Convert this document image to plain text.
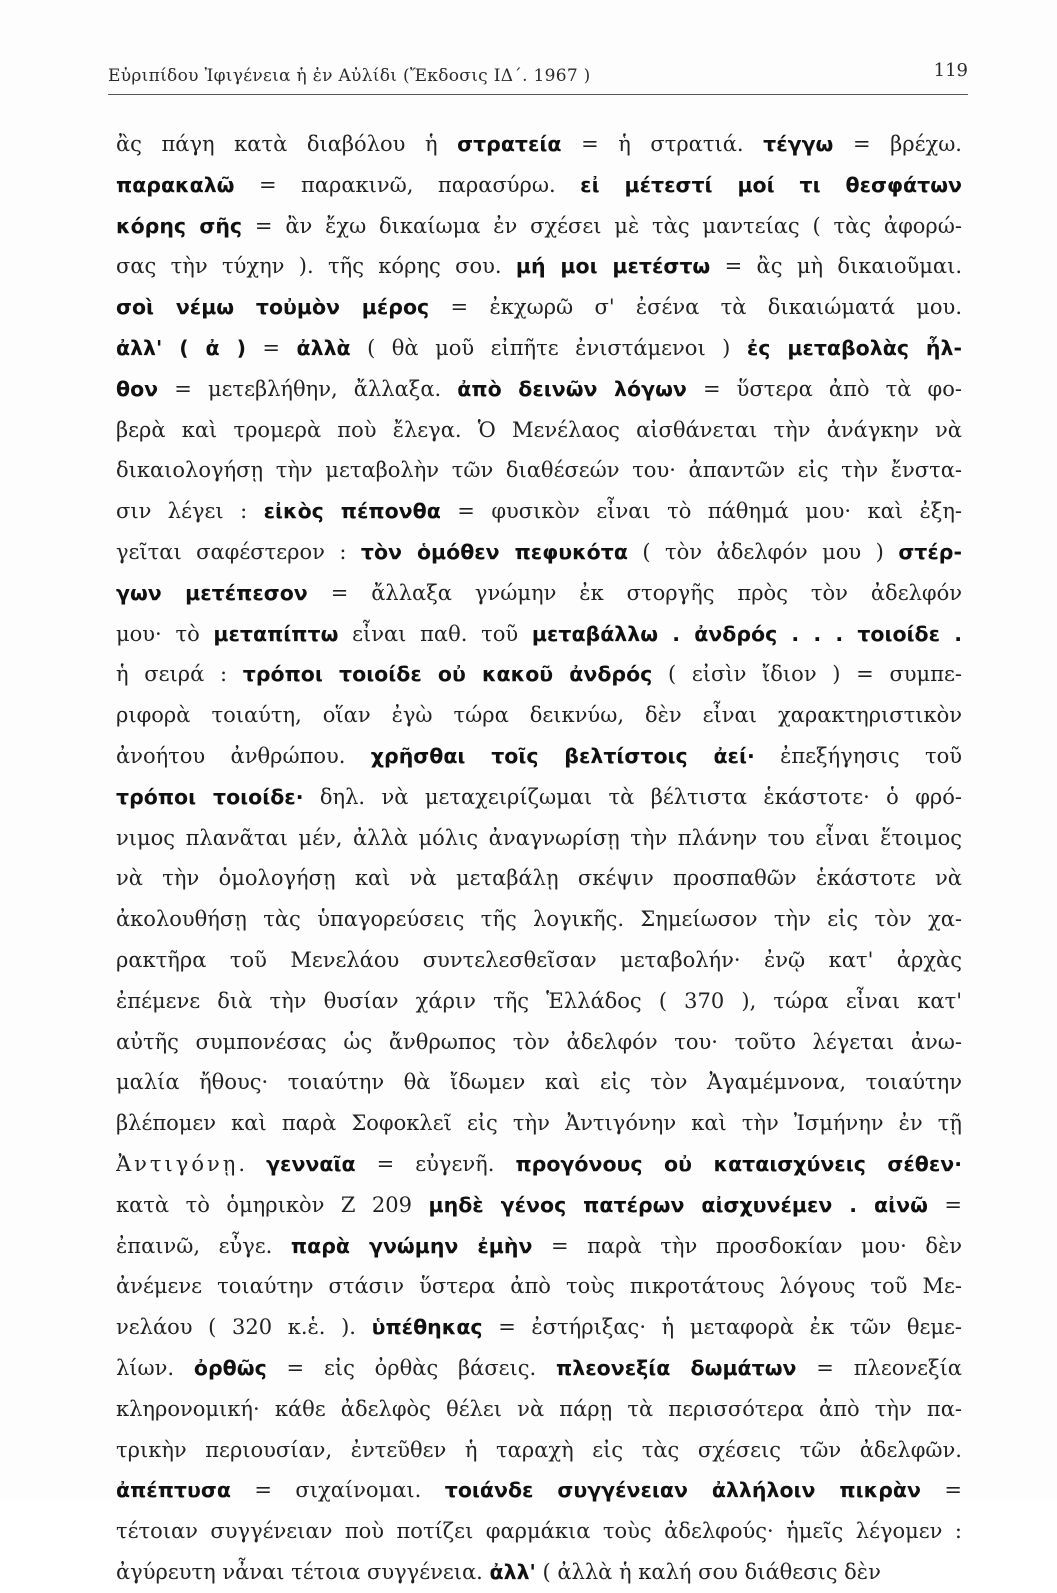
Εὐριπίδου Ἰφιγένεια ἡ ἐν Αὐλίδι (Ἔκδοσις ΙΔ΄. 1967 )	119
ἂς πάγη κατὰ διαβόλου ἡ στρατεία = ἡ στρατιά. τέγγω = βρέχω.
παρακαλῶ = παρακινῶ, παρασύρω. εἰ μέτεστί μοί τι θεσφάτων
κόρης σῆς = ἂν ἔχω δικαίωμα ἐν σχέσει μὲ τὰς μαντείας ( τὰς ἀφορώ-
σας τὴν τύχην ). τῆς κόρης σου. μή μοι μετέστω = ἂς μὴ δικαιοῦμαι.
σοὶ νέμω τοὐμὸν μέρος = ἐκχωρῶ σ' ἐσένα τὰ δικαιώματά μου.
ἀλλ' ( ἀ ) = ἀλλὰ ( θὰ μοῦ εἰπῆτε ἐνιστάμενοι ) ἐς μεταβολὰς ἦλ-
θον = μετεβλήθην, ἄλλαξα. ἀπὸ δεινῶν λόγων = ὕστερα ἀπὸ τὰ φο-
βερὰ καὶ τρομερὰ ποὺ ἔλεγα. Ὁ Μενέλαος αἰσθάνεται τὴν ἀνάγκην νὰ
δικαιολογήσῃ τὴν μεταβολὴν τῶν διαθέσεών του· ἀπαντῶν εἰς τὴν ἔνστα-
σιν λέγει : εἰκὸς πέπονθα = φυσικὸν εἶναι τὸ πάθημά μου· καὶ ἐξη-
γεῖται σαφέστερον : τὸν ὁμόθεν πεφυκότα ( τὸν ἀδελφόν μου ) στέρ-
γων μετέπεσον = ἄλλαξα γνώμην ἐκ στοργῆς πρὸς τὸν ἀδελφόν
μου· τὸ μεταπίπτω εἶναι παθ. τοῦ μεταβάλλω . ἀνδρός . . . τοιοίδε .
ἡ σειρά : τρόποι τοιοίδε οὐ κακοῦ ἀνδρός ( εἰσὶν ἴδιον ) = συμπε-
ριφορὰ τοιαύτη, οἵαν ἐγὼ τώρα δεικνύω, δὲν εἶναι χαρακτηριστικὸν
ἀνοήτου ἀνθρώπου. χρῆσθαι τοῖς βελτίστοις ἀεί· ἐπεξήγησις τοῦ
τρόποι τοιοίδε· δηλ. νὰ μεταχειρίζωμαι τὰ βέλτιστα ἑκάστοτε· ὁ φρό-
νιμος πλανᾶται μέν, ἀλλὰ μόλις ἀναγνωρίσῃ τὴν πλάνην του εἶναι ἕτοιμος
νὰ τὴν ὁμολογήσῃ καὶ νὰ μεταβάλῃ σκέψιν προσπαθῶν ἑκάστοτε νὰ
ἀκολουθήσῃ τὰς ὑπαγορεύσεις τῆς λογικῆς. Σημείωσον τὴν εἰς τὸν χα-
ρακτῆρα τοῦ Μενελάου συντελεσθεῖσαν μεταβολήν· ἐνῷ κατ' ἀρχὰς
ἐπέμενε διὰ τὴν θυσίαν χάριν τῆς Ἑλλάδος ( 370 ), τώρα εἶναι κατ'
αὐτῆς συμπονέσας ὡς ἄνθρωπος τὸν ἀδελφόν του· τοῦτο λέγεται ἀνω-
μαλία ἤθους· τοιαύτην θὰ ἴδωμεν καὶ εἰς τὸν Ἀγαμέμνονα, τοιαύτην
βλέπομεν καὶ παρὰ Σοφοκλεῖ εἰς τὴν Ἀντιγόνην καὶ τὴν Ἰσμήνην ἐν τῇ
Ἀντιγόνῃ. γενναῖα = εὐγενῆ. προγόνους οὐ καταισχύνεις σέθεν·
κατὰ τὸ ὁμηρικὸν Ζ 209 μηδὲ γένος πατέρων αἰσχυνέμεν . αἰνῶ =
ἐπαινῶ, εὖγε. παρὰ γνώμην ἐμὴν = παρὰ τὴν προσδοκίαν μου· δὲν
ἀνέμενε τοιαύτην στάσιν ὕστερα ἀπὸ τοὺς πικροτάτους λόγους τοῦ Με-
νελάου ( 320 κ.ἑ. ). ὑπέθηκας = ἐστήριξας· ἡ μεταφορὰ ἐκ τῶν θεμε-
λίων. ὀρθῶς = εἰς ὀρθὰς βάσεις. πλεονεξία δωμάτων = πλεονεξία
κληρονομική· κάθε ἀδελφὸς θέλει νὰ πάρῃ τὰ περισσότερα ἀπὸ τὴν πα-
τρικὴν περιουσίαν, ἐντεῦθεν ἡ ταραχὴ εἰς τὰς σχέσεις τῶν ἀδελφῶν.
ἀπέπτυσα = σιχαίνομαι. τοιάνδε συγγένειαν ἀλλήλοιν πικρὰν =
τέτοιαν συγγένειαν ποὺ ποτίζει φαρμάκια τοὺς ἀδελφούς· ἡμεῖς λέγομεν :
ἀγύρευτη νἆναι τέτοια συγγένεια. ἀλλ' ( ἀλλὰ ἡ καλή σου διάθεσις δὲν
